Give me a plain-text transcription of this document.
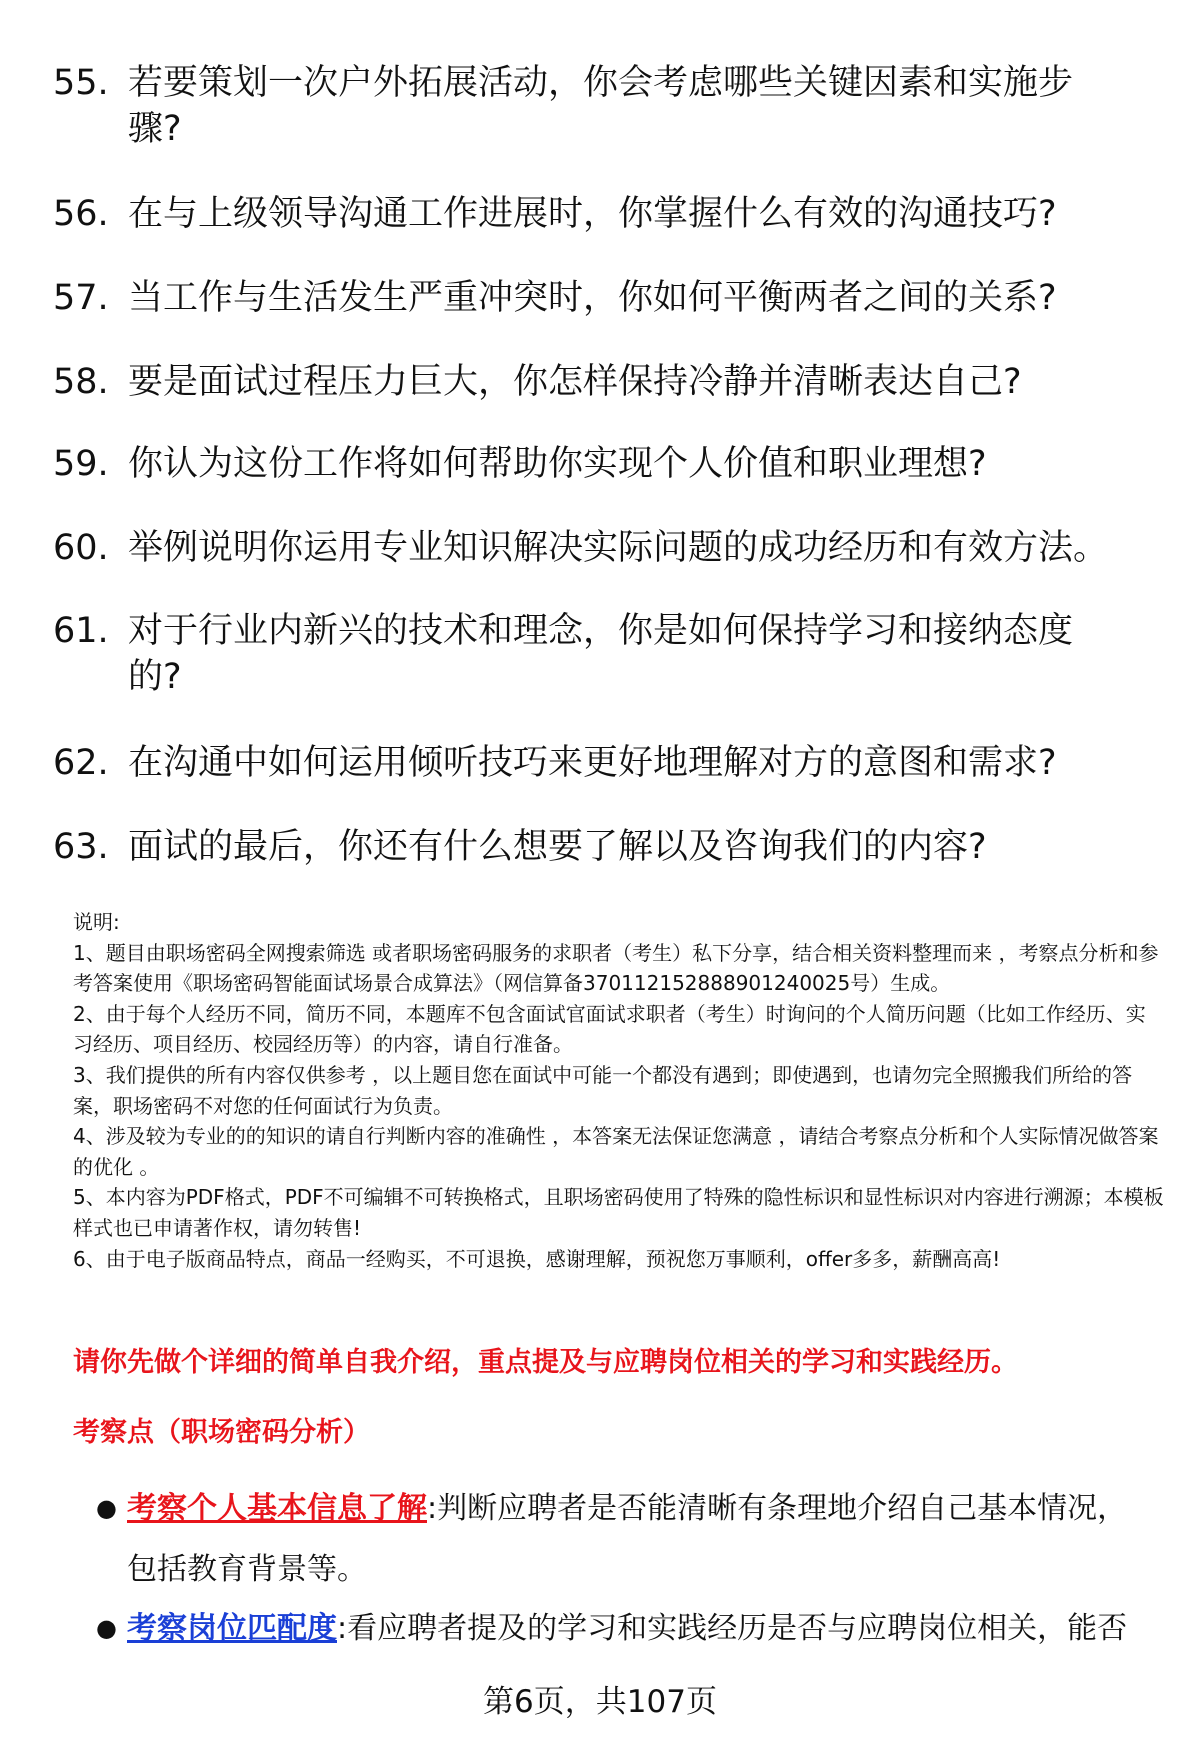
55. 若要策划一次户外拓展活动，你会考虑哪些关键因素和实施步骤?
56. 在与上级领导沟通工作进展时，你掌握什么有效的沟通技巧?
57. 当工作与生活发生严重冲突时，你如何平衡两者之间的关系?
58. 要是面试过程压力巨大，你怎样保持冷静并清晰表达自己?
59. 你认为这份工作将如何帮助你实现个人价值和职业理想?
60. 举例说明你运用专业知识解决实际问题的成功经历和有效方法。
61. 对于行业内新兴的技术和理念，你是如何保持学习和接纳态度的?
62. 在沟通中如何运用倾听技巧来更好地理解对方的意图和需求?
63. 面试的最后，你还有什么想要了解以及咨询我们的内容?
说明:
1、题目由职场密码全网搜索筛选 或者职场密码服务的求职者（考生）私下分享，结合相关资料整理而来 ，考察点分析和参考答案使用《职场密码智能面试场景合成算法》（网信算备370112152888901240025号）生成。
2、由于每个人经历不同，简历不同，本题库不包含面试官面试求职者（考生）时询问的个人简历问题（比如工作经历、实习经历、项目经历、校园经历等）的内容，请自行准备。
3、我们提供的所有内容仅供参考 ，以上题目您在面试中可能一个都没有遇到；即使遇到，也请勿完全照搬我们所给的答案，职场密码不对您的任何面试行为负责。
4、涉及较为专业的的知识的请自行判断内容的准确性 ，本答案无法保证您满意 ，请结合考察点分析和个人实际情况做答案的优化 。
5、本内容为PDF格式，PDF不可编辑不可转换格式，且职场密码使用了特殊的隐性标识和显性标识对内容进行溯源；本模板样式也已申请著作权，请勿转售!
6、由于电子版商品特点，商品一经购买，不可退换，感谢理解，预祝您万事顺利，offer多多，薪酬高高!
请你先做个详细的简单自我介绍，重点提及与应聘岗位相关的学习和实践经历。
考察点（职场密码分析）
● 考察个人基本信息了解:判断应聘者是否能清晰有条理地介绍自己基本情况，包括教育背景等。
● 考察岗位匹配度:看应聘者提及的学习和实践经历是否与应聘岗位相关，能否
第6页，共107页
